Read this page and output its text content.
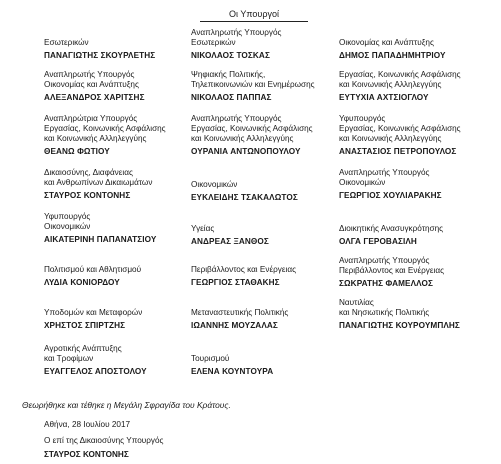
Οι Υπουργοί
Εσωτερικών
ΠΑΝΑΓΙΩΤΗΣ ΣΚΟΥΡΛΕΤΗΣ
Αναπληρωτής Υπουργός
Οικονομίας και Ανάπτυξης
ΑΛΕΞΑΝΔΡΟΣ ΧΑΡΙΤΣΗΣ
Αναπληρώτρια Υπουργός
Εργασίας, Κοινωνικής Ασφάλισης
και Κοινωνικής Αλληλεγγύης
ΘΕΑΝΩ ΦΩΤΙΟΥ
Δικαιοσύνης, Διαφάνειας
και Ανθρωπίνων Δικαιωμάτων
ΣΤΑΥΡΟΣ ΚΟΝΤΟΝΗΣ
Υφυπουργός
Οικονομικών
ΑΙΚΑΤΕΡΙΝΗ ΠΑΠΑΝΑΤΣΙΟΥ
Πολιτισμού και Αθλητισμού
ΛΥΔΙΑ ΚΟΝΙΟΡΔΟΥ
Υποδομών και Μεταφορών
ΧΡΗΣΤΟΣ ΣΠΙΡΤΖΗΣ
Αγροτικής Ανάπτυξης
και Τροφίμων
ΕΥΑΓΓΕΛΟΣ ΑΠΟΣΤΟΛΟΥ
Αναπληρωτής Υπουργός
Εσωτερικών
ΝΙΚΟΛΑΟΣ ΤΟΣΚΑΣ
Ψηφιακής Πολιτικής,
Τηλεπικοινωνιών και Ενημέρωσης
ΝΙΚΟΛΑΟΣ ΠΑΠΠΑΣ
Αναπληρωτής Υπουργός
Εργασίας, Κοινωνικής Ασφάλισης
και Κοινωνικής Αλληλεγγύης
ΟΥΡΑΝΙΑ ΑΝΤΩΝΟΠΟΥΛΟΥ
Οικονομικών
ΕΥΚΛΕΙΔΗΣ ΤΣΑΚΑΛΩΤΟΣ
Υγείας
ΑΝΔΡΕΑΣ ΞΑΝΘΟΣ
Περιβάλλοντος και Ενέργειας
ΓΕΩΡΓΙΟΣ ΣΤΑΘΑΚΗΣ
Μεταναστευτικής Πολιτικής
ΙΩΑΝΝΗΣ ΜΟΥΖΑΛΑΣ
Τουρισμού
ΕΛΕΝΑ ΚΟΥΝΤΟΥΡΑ
Οικονομίας και Ανάπτυξης
ΔΗΜΟΣ ΠΑΠΑΔΗΜΗΤΡΙΟΥ
Εργασίας, Κοινωνικής Ασφάλισης
και Κοινωνικής Αλληλεγγύης
ΕΥΤΥΧΙΑ ΑΧΤΣΙΟΓΛΟΥ
Υφυπουργός
Εργασίας, Κοινωνικής Ασφάλισης
και Κοινωνικής Αλληλεγγύης
ΑΝΑΣΤΑΣΙΟΣ ΠΕΤΡΟΠΟΥΛΟΣ
Αναπληρωτής Υπουργός
Οικονομικών
ΓΕΩΡΓΙΟΣ ΧΟΥΛΙΑΡΑΚΗΣ
Διοικητικής Ανασυγκρότησης
ΟΛΓΑ ΓΕΡΟΒΑΣΙΛΗ
Αναπληρωτής Υπουργός
Περιβάλλοντος και Ενέργειας
ΣΩΚΡΑΤΗΣ ΦΑΜΕΛΛΟΣ
Ναυτιλίας
και Νησιωτικής Πολιτικής
ΠΑΝΑΓΙΩΤΗΣ ΚΟΥΡΟΥΜΠΛΗΣ
Θεωρήθηκε και τέθηκε η Μεγάλη Σφραγίδα του Κράτους.
Αθήνα, 28 Ιουλίου 2017
Ο επί της Δικαιοσύνης Υπουργός
ΣΤΑΥΡΟΣ ΚΟΝΤΟΝΗΣ
